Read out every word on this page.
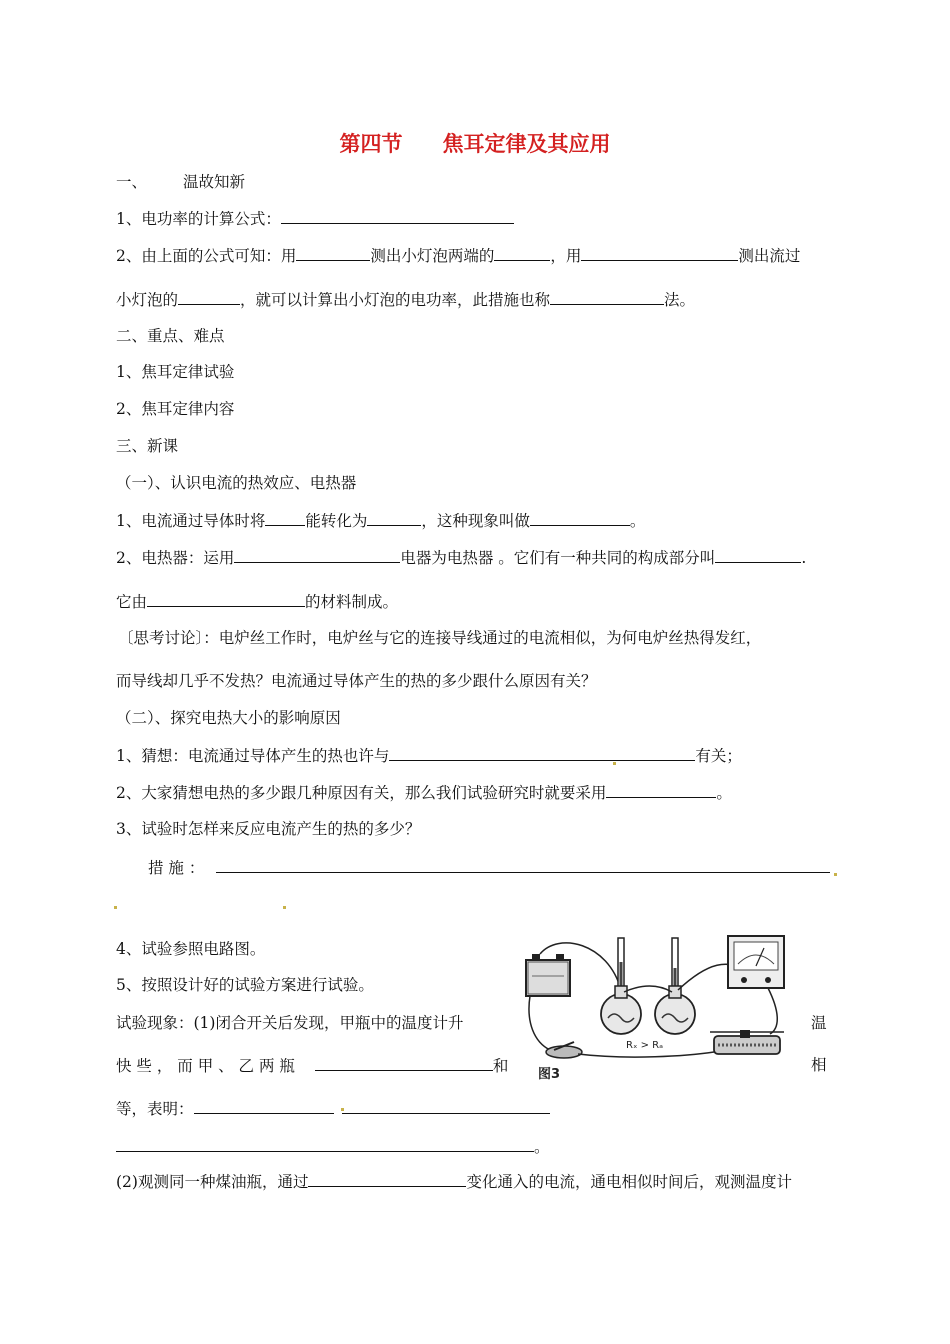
第四节 焦耳定律及其应用
一、 温故知新
1、电功率的计算公式：
2、由上面的公式可知：用	测出小灯泡两端的	，用	测出流过
小灯泡的	，就可以计算出小灯泡的电功率，此措施也称	法。
二、重点、难点
1、焦耳定律试验
2、焦耳定律内容
三、新课
（一）、认识电流的热效应、电热器
1、电流通过导体时将	能转化为	，这种现象叫做	。
2、电热器：运用	电器为电热器 。它们有一种共同的构成部分叫	.
它由	的材料制成。
〔思考讨论〕：电炉丝工作时，电炉丝与它的连接导线通过的电流相似，为何电炉丝热得发红，
而导线却几乎不发热？电流通过导体产生的热的多少跟什么原因有关？
（二）、探究电热大小的影响原因
1、猜想：电流通过导体产生的热也许与	有关；
2、大家猜想电热的多少跟几种原因有关，那么我们试验研究时就要采用	。
3、试验时怎样来反应电流产生的热的多少？
措 施 ：
4、试验参照电路图。
5、按照设计好的试验方案进行试验。
试验现象：(1)闭合开关后发现，甲瓶中的温度计升	温
快 些 ， 而 甲 、 乙 两 瓶	和	相
等，表明：
。
(2)观测同一种煤油瓶，通过	变化通入的电流，通电相似时间后，观测温度计
Rₓ > Rₐ
图3
